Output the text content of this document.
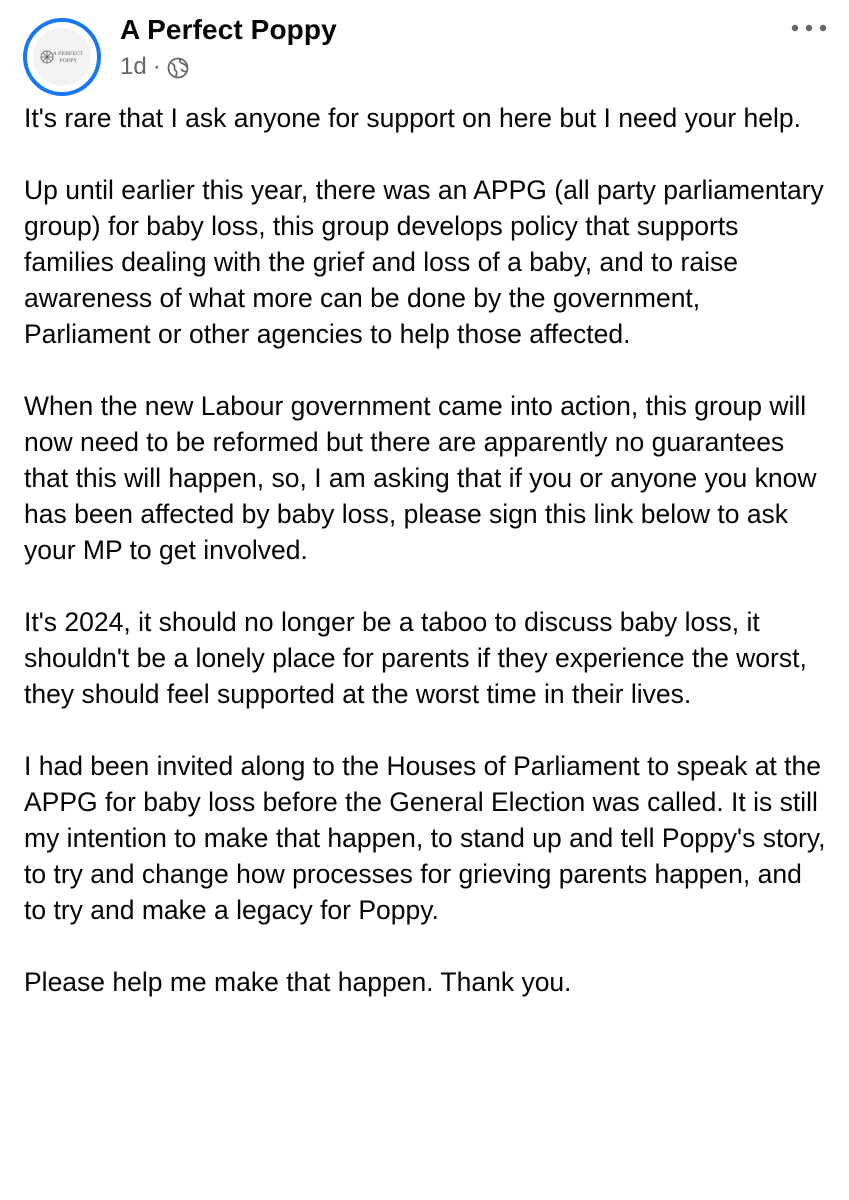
A PERFECT
POPPY
A Perfect Poppy
1d ·

It's rare that I ask anyone for support on here but I need your help.

Up until earlier this year, there was an APPG (all party parliamentary group) for baby loss, this group develops policy that supports families dealing with the grief and loss of a baby, and to raise awareness of what more can be done by the government, Parliament or other agencies to help those affected.

When the new Labour government came into action, this group will now need to be reformed but there are apparently no guarantees that this will happen, so, I am asking that if you or anyone you know has been affected by baby loss, please sign this link below to ask your MP to get involved.

It's 2024, it should no longer be a taboo to discuss baby loss, it shouldn't be a lonely place for parents if they experience the worst, they should feel supported at the worst time in their lives.

I had been invited along to the Houses of Parliament to speak at the APPG for baby loss before the General Election was called. It is still my intention to make that happen, to stand up and tell Poppy's story, to try and change how processes for grieving parents happen, and to try and make a legacy for Poppy.

Please help me make that happen. Thank you.
